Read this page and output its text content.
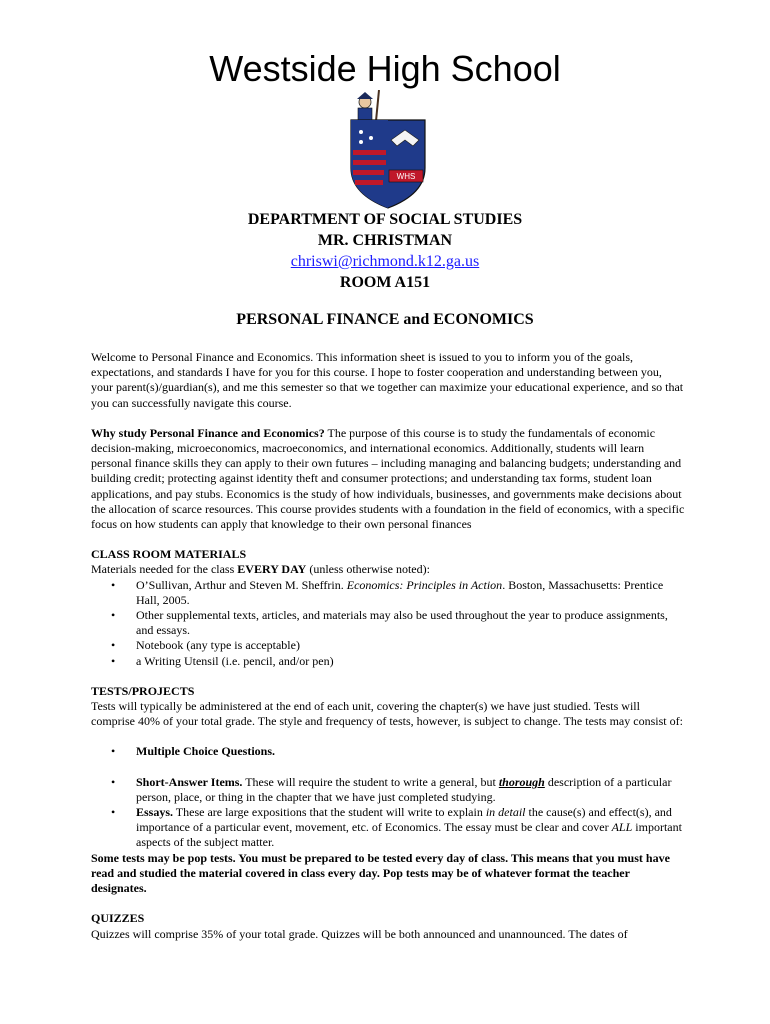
Westside High School
WHS
DEPARTMENT OF SOCIAL STUDIES
MR. CHRISTMAN
chriswi@richmond.k12.ga.us
ROOM A151
PERSONAL FINANCE and ECONOMICS

Welcome to Personal Finance and Economics. This information sheet is issued to you to inform you of the goals, expectations, and standards I have for you for this course. I hope to foster cooperation and understanding between you, your parent(s)/guardian(s), and me this semester so that we together can maximize your educational experience, and so that you can successfully navigate this course.

Why study Personal Finance and Economics? The purpose of this course is to study the fundamentals of economic decision-making, microeconomics, macroeconomics, and international economics. Additionally, students will learn personal finance skills they can apply to their own futures – including managing and balancing budgets; understanding and building credit; protecting against identity theft and consumer protections; and understanding tax forms, student loan applications, and pay stubs. Economics is the study of how individuals, businesses, and governments make decisions about the allocation of scarce resources. This course provides students with a foundation in the field of economics, with a specific focus on how students can apply that knowledge to their own personal finances

CLASS ROOM MATERIALS

Materials needed for the class EVERY DAY (unless otherwise noted):

• O’Sullivan, Arthur and Steven M. Sheffrin. Economics: Principles in Action. Boston, Massachusetts: Prentice Hall, 2005.
• Other supplemental texts, articles, and materials may also be used throughout the year to produce assignments, and essays.
• Notebook (any type is acceptable)
• a Writing Utensil (i.e. pencil, and/or pen)

TESTS/PROJECTS

Tests will typically be administered at the end of each unit, covering the chapter(s) we have just studied. Tests will comprise 40% of your total grade. The style and frequency of tests, however, is subject to change. The tests may consist of:

• Multiple Choice Questions.
• Short-Answer Items. These will require the student to write a general, but thorough description of a particular person, place, or thing in the chapter that we have just completed studying.
• Essays. These are large expositions that the student will write to explain in detail the cause(s) and effect(s), and importance of a particular event, movement, etc. of Economics. The essay must be clear and cover ALL important aspects of the subject matter.

Some tests may be pop tests. You must be prepared to be tested every day of class. This means that you must have read and studied the material covered in class every day. Pop tests may be of whatever format the teacher designates.

QUIZZES

Quizzes will comprise 35% of your total grade. Quizzes will be both announced and unannounced. The dates of
